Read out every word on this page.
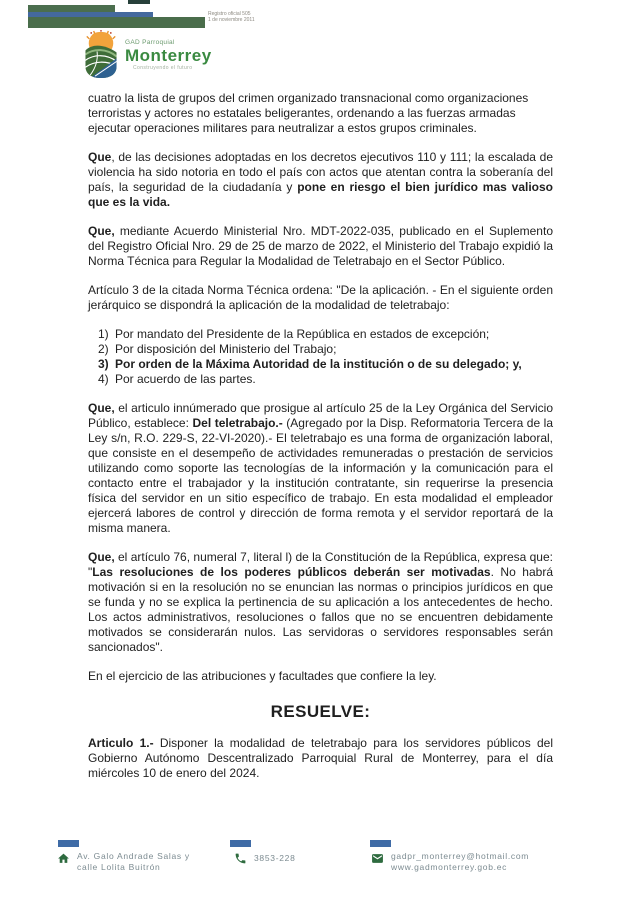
Registro oficial 505
1 de noviembre 2011
GAD Parroquial
Monterrey
Construyendo el futuro
cuatro la lista de grupos del crimen organizado transnacional como organizaciones terroristas y actores no estatales beligerantes, ordenando a las fuerzas armadas ejecutar operaciones militares para neutralizar a estos grupos criminales.
Que, de las decisiones adoptadas en los decretos ejecutivos 110 y 111; la escalada de violencia ha sido notoria en todo el país con actos que atentan contra la soberanía del país, la seguridad de la ciudadanía y pone en riesgo el bien jurídico mas valioso que es la vida.
Que, mediante Acuerdo Ministerial Nro. MDT-2022-035, publicado en el Suplemento del Registro Oficial Nro. 29 de 25 de marzo de 2022, el Ministerio del Trabajo expidió la Norma Técnica para Regular la Modalidad de Teletrabajo en el Sector Público.
Artículo 3 de la citada Norma Técnica ordena: "De la aplicación. - En el siguiente orden jerárquico se dispondrá la aplicación de la modalidad de teletrabajo:
1) Por mandato del Presidente de la República en estados de excepción;
2) Por disposición del Ministerio del Trabajo;
3) Por orden de la Máxima Autoridad de la institución o de su delegado; y,
4) Por acuerdo de las partes.
Que, el articulo innúmerado que prosigue al artículo 25 de la Ley Orgánica del Servicio Público, establece: Del teletrabajo.- (Agregado por la Disp. Reformatoria Tercera de la Ley s/n, R.O. 229-S, 22-VI-2020).- El teletrabajo es una forma de organización laboral, que consiste en el desempeño de actividades remuneradas o prestación de servicios utilizando como soporte las tecnologías de la información y la comunicación para el contacto entre el trabajador y la institución contratante, sin requerirse la presencia física del servidor en un sitio específico de trabajo. En esta modalidad el empleador ejercerá labores de control y dirección de forma remota y el servidor reportará de la misma manera.
Que, el artículo 76, numeral 7, literal l) de la Constitución de la República, expresa que: "Las resoluciones de los poderes públicos deberán ser motivadas. No habrá motivación si en la resolución no se enuncian las normas o principios jurídicos en que se funda y no se explica la pertinencia de su aplicación a los antecedentes de hecho. Los actos administrativos, resoluciones o fallos que no se encuentren debidamente motivados se considerarán nulos. Las servidoras o servidores responsables serán sancionados".
En el ejercicio de las atribuciones y facultades que confiere la ley.
RESUELVE:
Articulo 1.- Disponer la modalidad de teletrabajo para los servidores públicos del Gobierno Autónomo Descentralizado Parroquial Rural de Monterrey, para el día miércoles 10 de enero del 2024.
Av. Galo Andrade Salas y
calle Lolita Buitrón
3853-228	gadpr_monterrey@hotmail.com
www.gadmonterrey.gob.ec
